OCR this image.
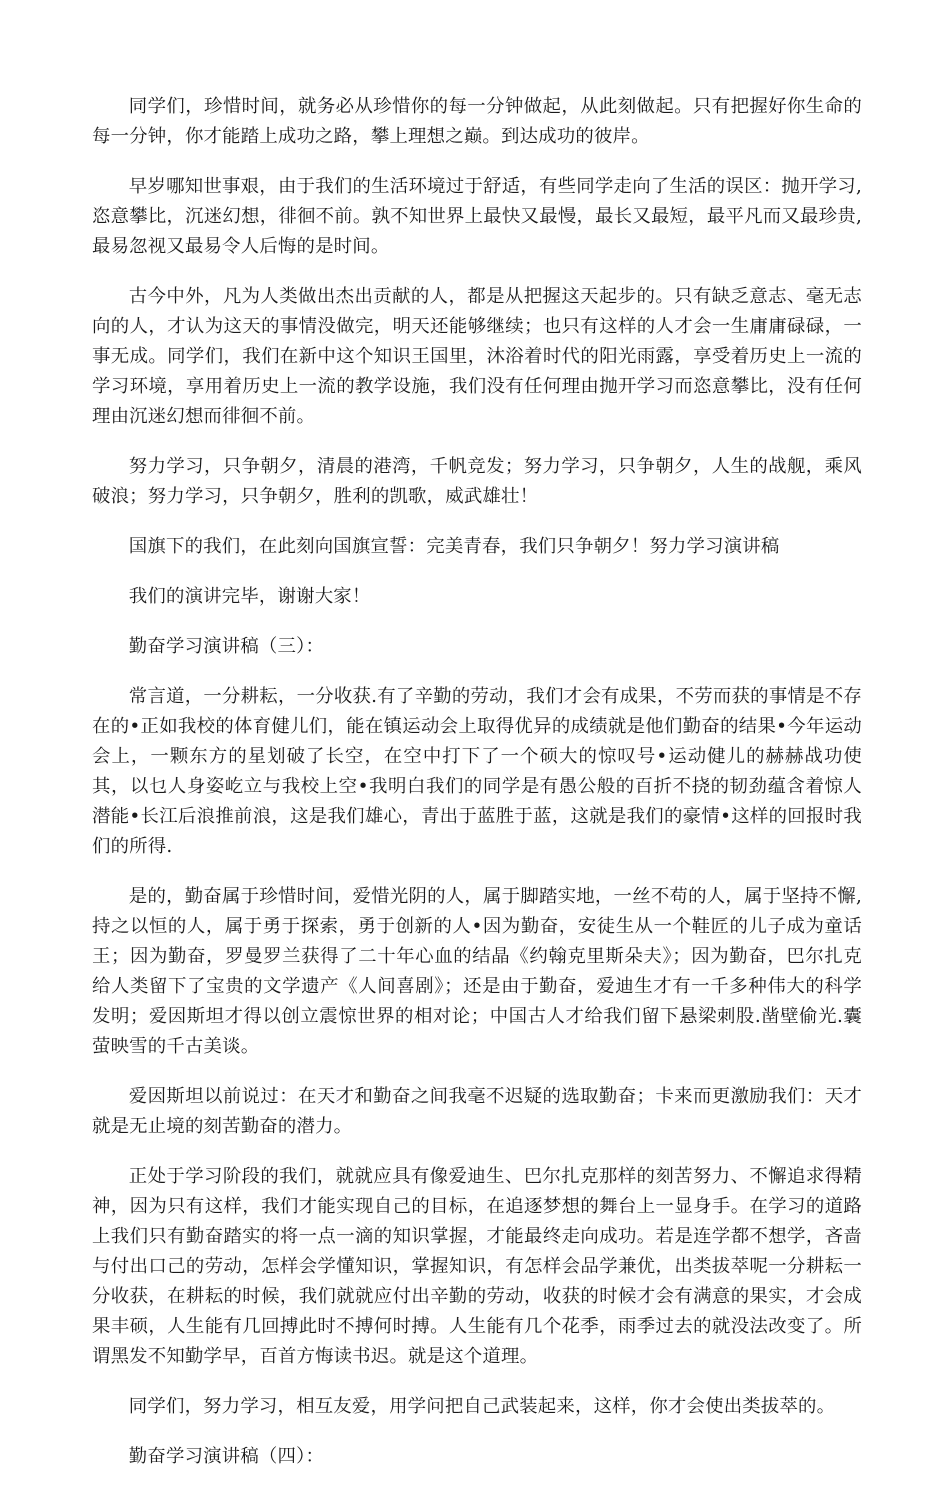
同学们，珍惜时间，就务必从珍惜你的每一分钟做起，从此刻做起。只有把握好你生命的每一分钟，你才能踏上成功之路，攀上理想之巅。到达成功的彼岸。

早岁哪知世事艰，由于我们的生活环境过于舒适，有些同学走向了生活的误区：抛开学习,恣意攀比，沉迷幻想，徘徊不前。孰不知世界上最快又最慢，最长又最短，最平凡而又最珍贵,最易忽视又最易令人后悔的是时间。

古今中外，凡为人类做出杰出贡献的人，都是从把握这天起步的。只有缺乏意志、毫无志向的人，才认为这天的事情没做完，明天还能够继续；也只有这样的人才会一生庸庸碌碌，一事无成。同学们，我们在新中这个知识王国里，沐浴着时代的阳光雨露，享受着历史上一流的学习环境，享用着历史上一流的教学设施，我们没有任何理由抛开学习而恣意攀比，没有任何理由沉迷幻想而徘徊不前。

努力学习，只争朝夕，清晨的港湾，千帆竞发；努力学习，只争朝夕，人生的战舰，乘风破浪；努力学习，只争朝夕，胜利的凯歌，威武雄壮！

国旗下的我们，在此刻向国旗宣誓：完美青春，我们只争朝夕！努力学习演讲稿

我们的演讲完毕，谢谢大家！

勤奋学习演讲稿（三）：

常言道，一分耕耘，一分收获.有了辛勤的劳动，我们才会有成果，不劳而获的事情是不存在的•正如我校的体育健儿们，能在镇运动会上取得优异的成绩就是他们勤奋的结果•今年运动会上，一颗东方的星划破了长空，在空中打下了一个硕大的惊叹号•运动健儿的赫赫战功使其，以乜人身姿屹立与我校上空•我明白我们的同学是有愚公般的百折不挠的韧劲蕴含着惊人潜能•长江后浪推前浪，这是我们雄心，青出于蓝胜于蓝，这就是我们的豪情•这样的回报时我们的所得.

是的，勤奋属于珍惜时间，爱惜光阴的人，属于脚踏实地，一丝不苟的人，属于坚持不懈,持之以恒的人，属于勇于探索，勇于创新的人•因为勤奋，安徒生从一个鞋匠的儿子成为童话王；因为勤奋，罗曼罗兰获得了二十年心血的结晶《约翰克里斯朵夫》；因为勤奋，巴尔扎克给人类留下了宝贵的文学遗产《人间喜剧》；还是由于勤奋，爱迪生才有一千多种伟大的科学发明；爱因斯坦才得以创立震惊世界的相对论；中国古人才给我们留下悬梁刺股.凿壁偷光.囊萤映雪的千古美谈。

爱因斯坦以前说过：在天才和勤奋之间我毫不迟疑的选取勤奋；卡来而更激励我们：天才就是无止境的刻苦勤奋的潜力。

正处于学习阶段的我们，就就应具有像爱迪生、巴尔扎克那样的刻苦努力、不懈追求得精神，因为只有这样，我们才能实现自己的目标，在追逐梦想的舞台上一显身手。在学习的道路上我们只有勤奋踏实的将一点一滴的知识掌握，才能最终走向成功。若是连学都不想学，吝啬与付出口己的劳动，怎样会学懂知识，掌握知识，有怎样会品学兼优，出类拔萃呢一分耕耘一分收获，在耕耘的时候，我们就就应付出辛勤的劳动，收获的时候才会有满意的果实，才会成果丰硕，人生能有几回搏此时不搏何时搏。人生能有几个花季，雨季过去的就没法改变了。所谓黑发不知勤学早，百首方悔读书迟。就是这个道理。

同学们，努力学习，相互友爱，用学问把自己武装起来，这样，你才会使出类拔萃的。

勤奋学习演讲稿（四）：
